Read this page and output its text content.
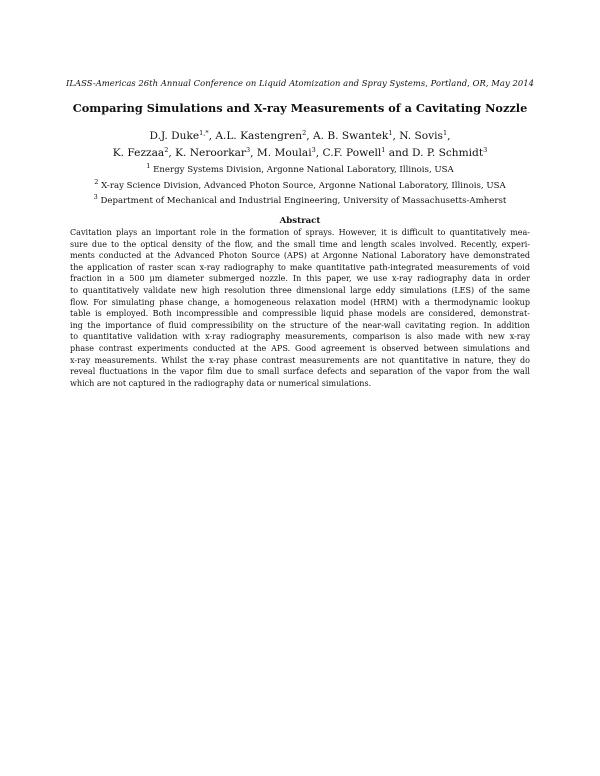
ILASS-Americas 26th Annual Conference on Liquid Atomization and Spray Systems, Portland, OR, May 2014
Comparing Simulations and X-ray Measurements of a Cavitating Nozzle
D.J. Duke$^{1,*}$, A.L. Kastengren$^2$, A. B. Swantek$^1$, N. Sovis$^1$,
K. Fezzaa$^2$, K. Neroorkar$^3$, M. Moulai$^3$, C.F. Powell$^1$ and D. P. Schmidt$^3$
$^1$ Energy Systems Division, Argonne National Laboratory, Illinois, USA
$^2$ X-ray Science Division, Advanced Photon Source, Argonne National Laboratory, Illinois, USA
$^3$ Department of Mechanical and Industrial Engineering, University of Massachusetts-Amherst
Abstract
Cavitation plays an important role in the formation of sprays. However, it is difficult to quantitatively mea-
sure due to the optical density of the flow, and the small time and length scales involved. Recently, experi-
ments conducted at the Advanced Photon Source (APS) at Argonne National Laboratory have demonstrated
the application of raster scan x-ray radiography to make quantitative path-integrated measurements of void
fraction in a 500 μm diameter submerged nozzle. In this paper, we use x-ray radiography data in order
to quantitatively validate new high resolution three dimensional large eddy simulations (LES) of the same
flow. For simulating phase change, a homogeneous relaxation model (HRM) with a thermodynamic lookup
table is employed. Both incompressible and compressible liquid phase models are considered, demonstrat-
ing the importance of fluid compressibility on the structure of the near-wall cavitating region. In addition
to quantitative validation with x-ray radiography measurements, comparison is also made with new x-ray
phase contrast experiments conducted at the APS. Good agreement is observed between simulations and
x-ray measurements. Whilst the x-ray phase contrast measurements are not quantitative in nature, they do
reveal fluctuations in the vapor film due to small surface defects and separation of the vapor from the wall
which are not captured in the radiography data or numerical simulations.
